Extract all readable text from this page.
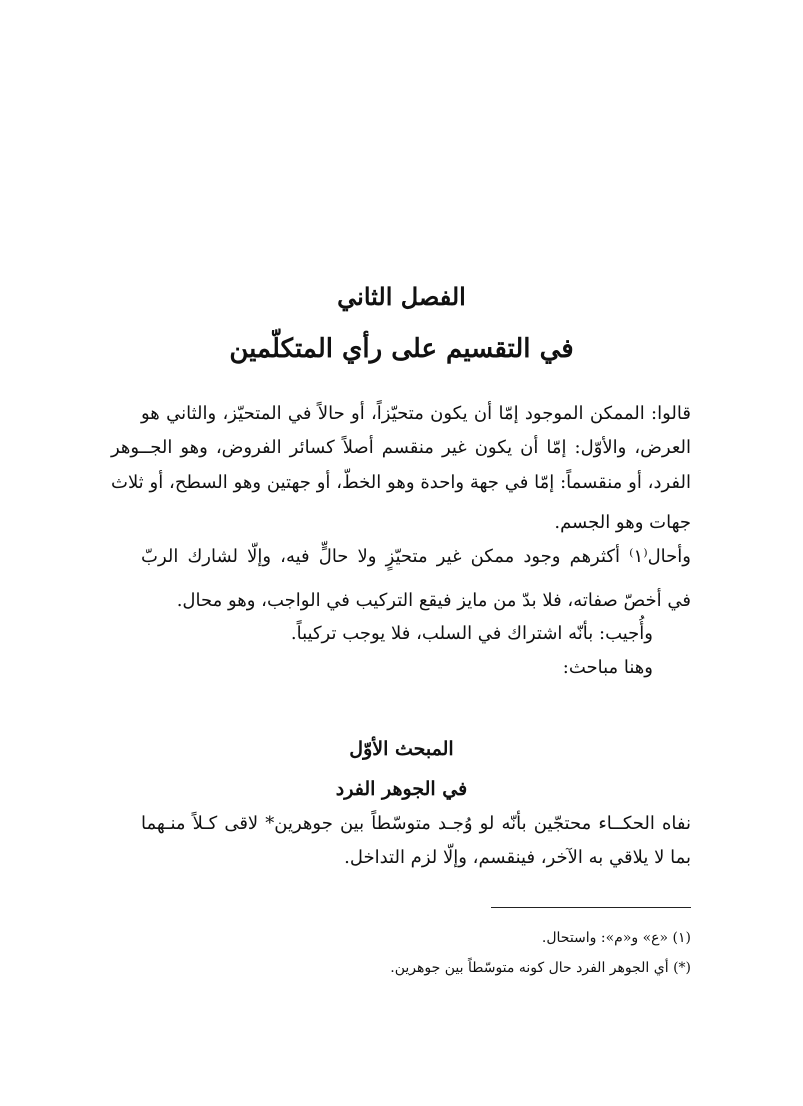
الفصل الثاني
في التقسيم على رأي المتكلّمين
قالوا: الممكن الموجود إمّا أن يكون متحيّزاً، أو حالاً في المتحيّز، والثاني هو
العرض، والأوّل: إمّا أن يكون غير منقسم أصلاً كسائر الفروض، وهو الجــوهر
الفرد، أو منقسماً: إمّا في جهة واحدة وهو الخطّ، أو جهتين وهو السطح، أو ثلاث
جهات وهو الجسم.
وأحال⁽١⁾ أكثرهم وجود ممكن غير متحيّزٍ ولا حالٍّ فيه، وإلّا لشارك الربّ
في أخصّ صفاته، فلا بدّ من مايز فيقع التركيب في الواجب، وهو محال.
وأُجيب: بأنّه اشتراك في السلب، فلا يوجب تركيباً.
وهنا مباحث:
المبحث الأوّل
في الجوهر الفرد
نفاه الحكــاء محتجّين بأنّه لو وُجـد متوسّطاً بين جوهرين* لاقى كـلاً منـهما
بما لا يلاقي به الآخر، فينقسم، وإلّا لزم التداخل.
(١) «ع» و«م»: واستحال.
(*) أي الجوهر الفرد حال كونه متوسّطاً بين جوهرين.
